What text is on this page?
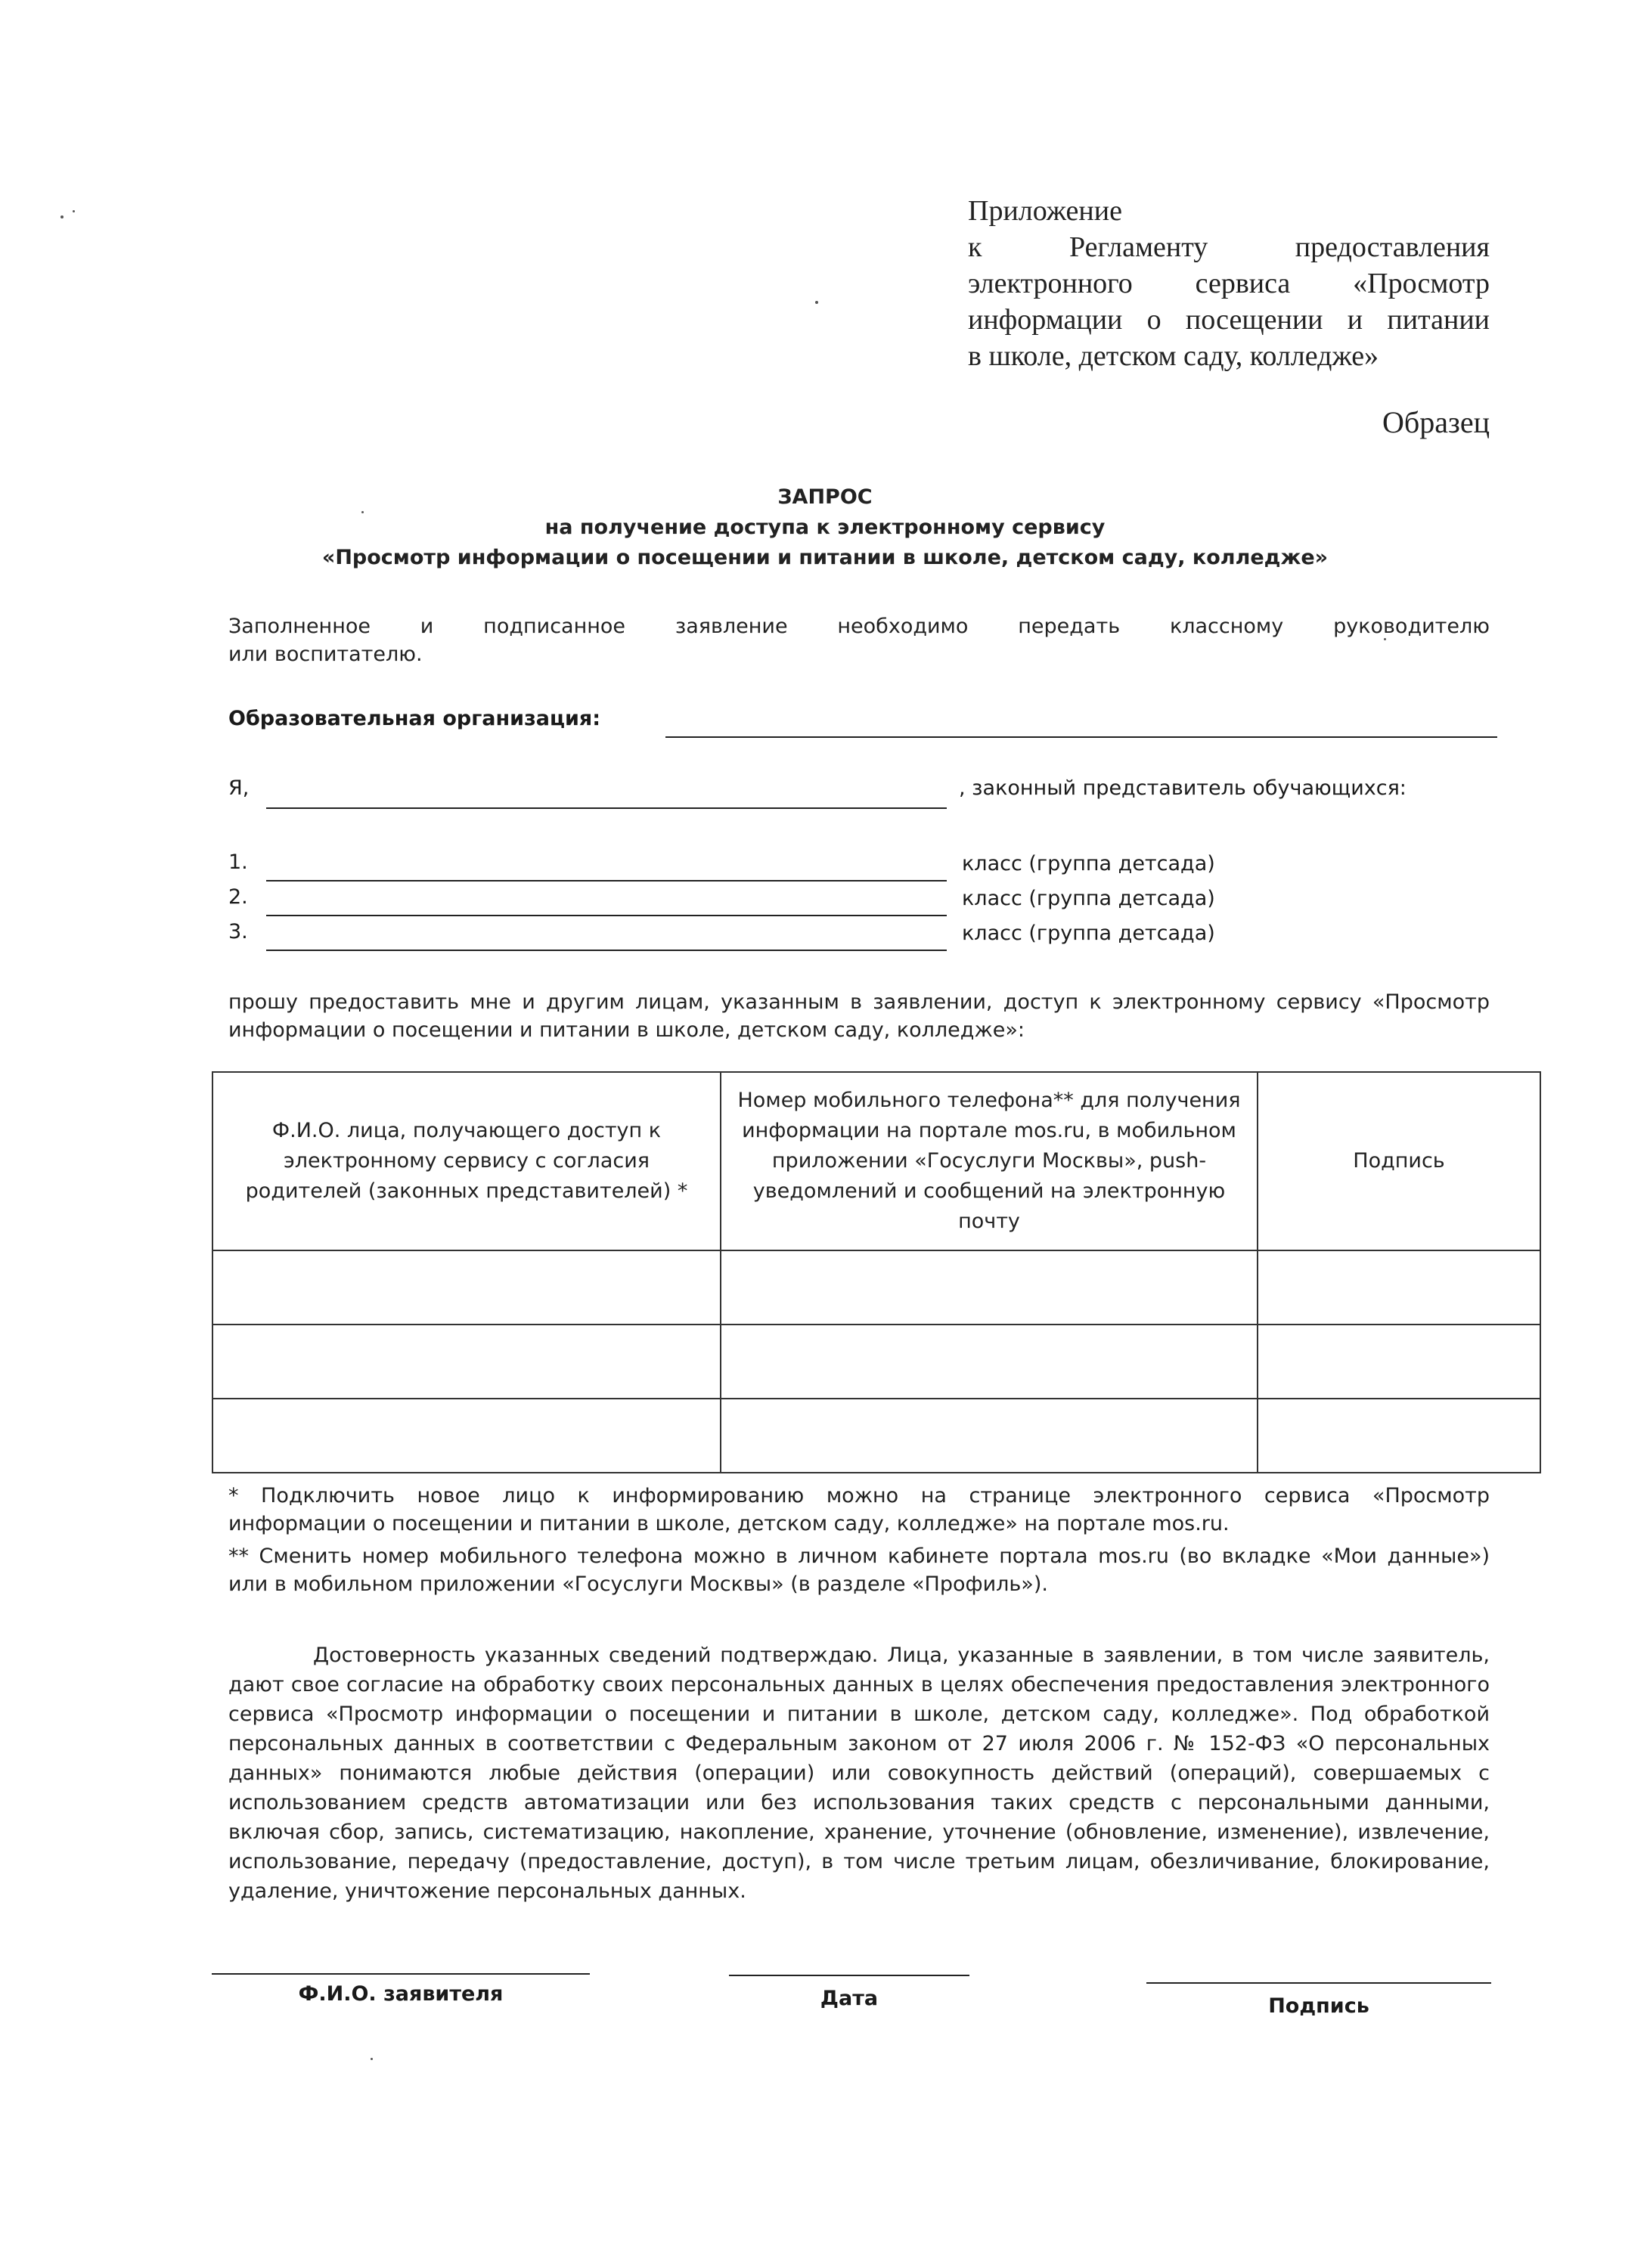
Приложение
к Регламенту предоставления
электронного сервиса «Просмотр
информации о посещении и питании
в школе, детском саду, колледже»
Образец
ЗАПРОС
на получение доступа к электронному сервису
«Просмотр информации о посещении и питании в школе, детском саду, колледже»
Заполненное и подписанное заявление необходимо передать классному руководителю
или воспитателю.
Образовательная организация:
Я,	, законный представитель обучающихся:
1.	класс (группа детсада)
2.	класс (группа детсада)
3.	класс (группа детсада)
прошу предоставить мне и другим лицам, указанным в заявлении, доступ к электронному сервису «Просмотр информации о посещении и питании в школе, детском саду, колледже»:
Ф.И.О. лица, получающего доступ к электронному сервису с согласия родителей (законных представителей) *	Номер мобильного телефона** для получения информации на портале mos.ru, в мобильном приложении «Госуслуги Москвы», push-уведомлений и сообщений на электронную почту	Подпись

* Подключить новое лицо к информированию можно на странице электронного сервиса «Просмотр
информации о посещении и питании в школе, детском саду, колледже» на портале mos.ru.
** Сменить номер мобильного телефона можно в личном кабинете портала mos.ru (во вкладке «Мои данные»)
или в мобильном приложении «Госуслуги Москвы» (в разделе «Профиль»).
Достоверность указанных сведений подтверждаю. Лица, указанные в заявлении, в том числе заявитель, дают свое согласие на обработку своих персональных данных в целях обеспечения предоставления электронного сервиса «Просмотр информации о посещении и питании в школе, детском саду, колледже». Под обработкой персональных данных в соответствии с Федеральным законом от 27 июля 2006 г. № 152-ФЗ «О персональных данных» понимаются любые действия (операции) или совокупность действий (операций), совершаемых с использованием средств автоматизации или без использования таких средств с персональными данными, включая сбор, запись, систематизацию, накопление, хранение, уточнение (обновление, изменение), извлечение, использование, передачу (предоставление, доступ), в том числе третьим лицам, обезличивание, блокирование, удаление, уничтожение персональных данных.
Ф.И.О. заявителя	Дата	Подпись
